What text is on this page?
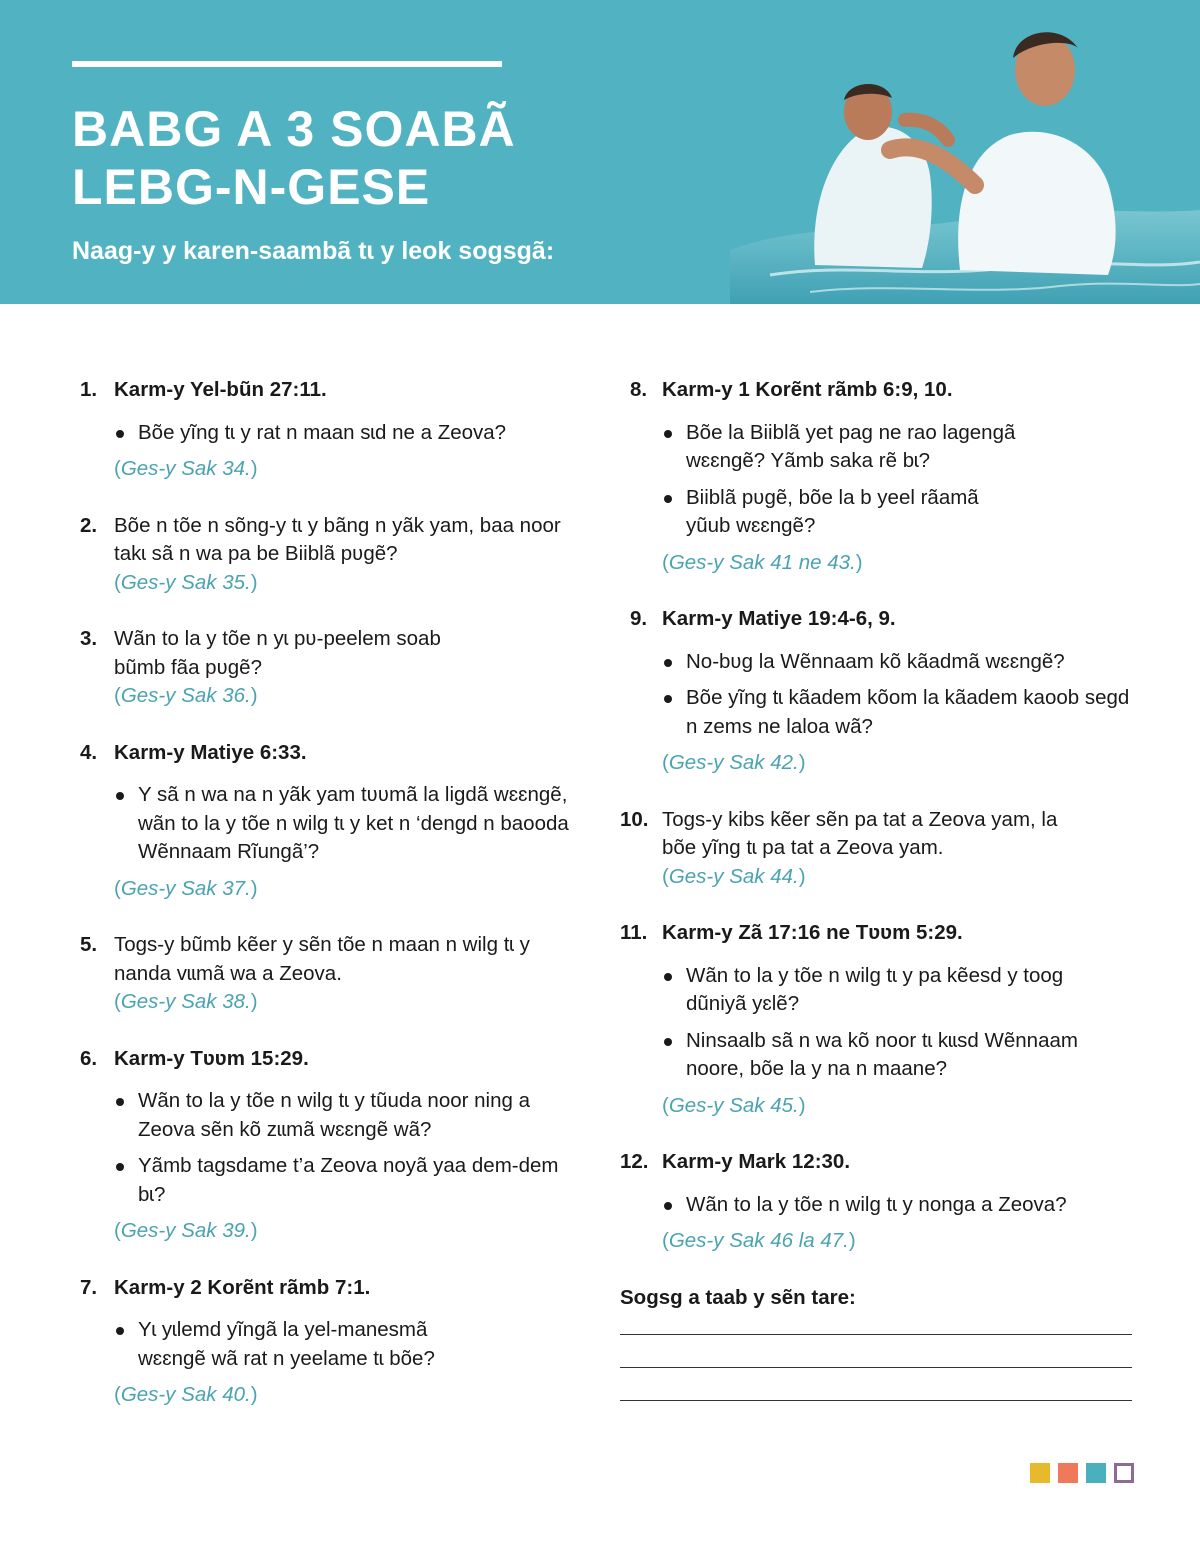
BABG A 3 SOABÃ
LEBG-N-GESE

Naag-y y karen-saambã tɩ y leok sogsgã:

1. Karm-y Yel-bũn 27:11.
Bõe yĩng tɩ y rat n maan sɩd ne a Zeova?
(Ges-y Sak 34.)
2. Bõe n tõe n sõng-y tɩ y bãng n yãk yam, baa noor takɩ sã n wa pa be Biiblã pʋgẽ?
(Ges-y Sak 35.)
3. Wãn to la y tõe n yɩ pʋ-peelem soab bũmb fãa pʋgẽ?
(Ges-y Sak 36.)
4. Karm-y Matiye 6:33.
Y sã n wa na n yãk yam tʋʋmã la ligdã wɛɛngẽ, wãn to la y tõe n wilg tɩ y ket n ‘dengd n baooda Wẽnnaam Rĩungã’?
(Ges-y Sak 37.)
5. Togs-y bũmb kẽer y sẽn tõe n maan n wilg tɩ y nanda vɩɩmã wa a Zeova.
(Ges-y Sak 38.)
6. Karm-y Tʋʋm 15:29.
Wãn to la y tõe n wilg tɩ y tũuda noor ning a Zeova sẽn kõ zɩɩmã wɛɛngẽ wã?
Yãmb tagsdame t’a Zeova noyã yaa dem-dem bɩ?
(Ges-y Sak 39.)
7. Karm-y 2 Korẽnt rãmb 7:1.
Yɩ yɩlemd yĩngã la yel-manesmã wɛɛngẽ wã rat n yeelame tɩ bõe?
(Ges-y Sak 40.)
8. Karm-y 1 Korẽnt rãmb 6:9, 10.
Bõe la Biiblã yet pag ne rao lagengã wɛɛngẽ? Yãmb saka rẽ bɩ?
Biiblã pʋgẽ, bõe la b yeel rãamã yũub wɛɛngẽ?
(Ges-y Sak 41 ne 43.)
9. Karm-y Matiye 19:4-6, 9.
No-bʋg la Wẽnnaam kõ kãadmã wɛɛngẽ?
Bõe yĩng tɩ kãadem kõom la kãadem kaoob segd n zems ne laloa wã?
(Ges-y Sak 42.)
10. Togs-y kibs kẽer sẽn pa tat a Zeova yam, la bõe yĩng tɩ pa tat a Zeova yam.
(Ges-y Sak 44.)
11. Karm-y Zã 17:16 ne Tʋʋm 5:29.
Wãn to la y tõe n wilg tɩ y pa kẽesd y toog dũniyã yɛlẽ?
Ninsaalb sã n wa kõ noor tɩ kɩɩsd Wẽnnaam noore, bõe la y na n maane?
(Ges-y Sak 45.)
12. Karm-y Mark 12:30.
Wãn to la y tõe n wilg tɩ y nonga a Zeova?
(Ges-y Sak 46 la 47.)
Sogsg a taab y sẽn tare:
